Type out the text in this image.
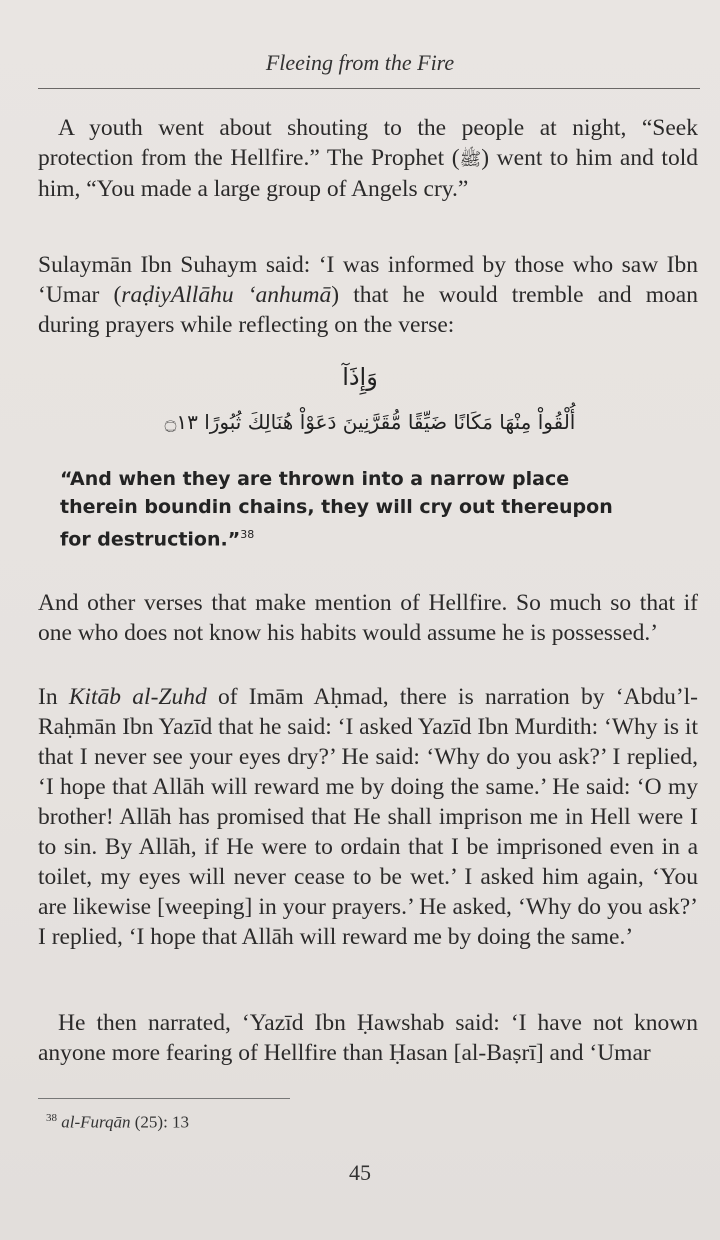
Fleeing from the Fire

A youth went about shouting to the people at night, “Seek protection from the Hellfire.” The Prophet (ﷺ) went to him and told him, “You made a large group of Angels cry.”

Sulaymān Ibn Suhaym said: ‘I was informed by those who saw Ibn ‘Umar (raḍiyAllāhu ‘anhumā) that he would tremble and moan during prayers while reflecting on the verse:

وَإِذَآ
أُلْقُواْ مِنْهَا مَكَانًا ضَيِّقًا مُّقَرَّنِينَ دَعَوْاْ هُنَالِكَ ثُبُورًا ۝١٣

“And when they are thrown into a narrow place therein boundin chains, they will cry out thereupon for destruction.”$^{38}$

And other verses that make mention of Hellfire. So much so that if one who does not know his habits would assume he is possessed.’

In Kitāb al-Zuhd of Imām Aḥmad, there is narration by ‘Abdu’l-Raḥmān Ibn Yazīd that he said: ‘I asked Yazīd Ibn Murdith: ‘Why is it that I never see your eyes dry?’ He said: ‘Why do you ask?’ I replied, ‘I hope that Allāh will reward me by doing the same.’ He said: ‘O my brother! Allāh has promised that He shall imprison me in Hell were I to sin. By Allāh, if He were to ordain that I be imprisoned even in a toilet, my eyes will never cease to be wet.’ I asked him again, ‘You are likewise [weeping] in your prayers.’ He asked, ‘Why do you ask?’ I replied, ‘I hope that Allāh will reward me by doing the same.’

He then narrated, ‘Yazīd Ibn Ḥawshab said: ‘I have not known anyone more fearing of Hellfire than Ḥasan [al-Baṣrī] and ‘Umar

$^{38}$ al-Furqān (25): 13
45
